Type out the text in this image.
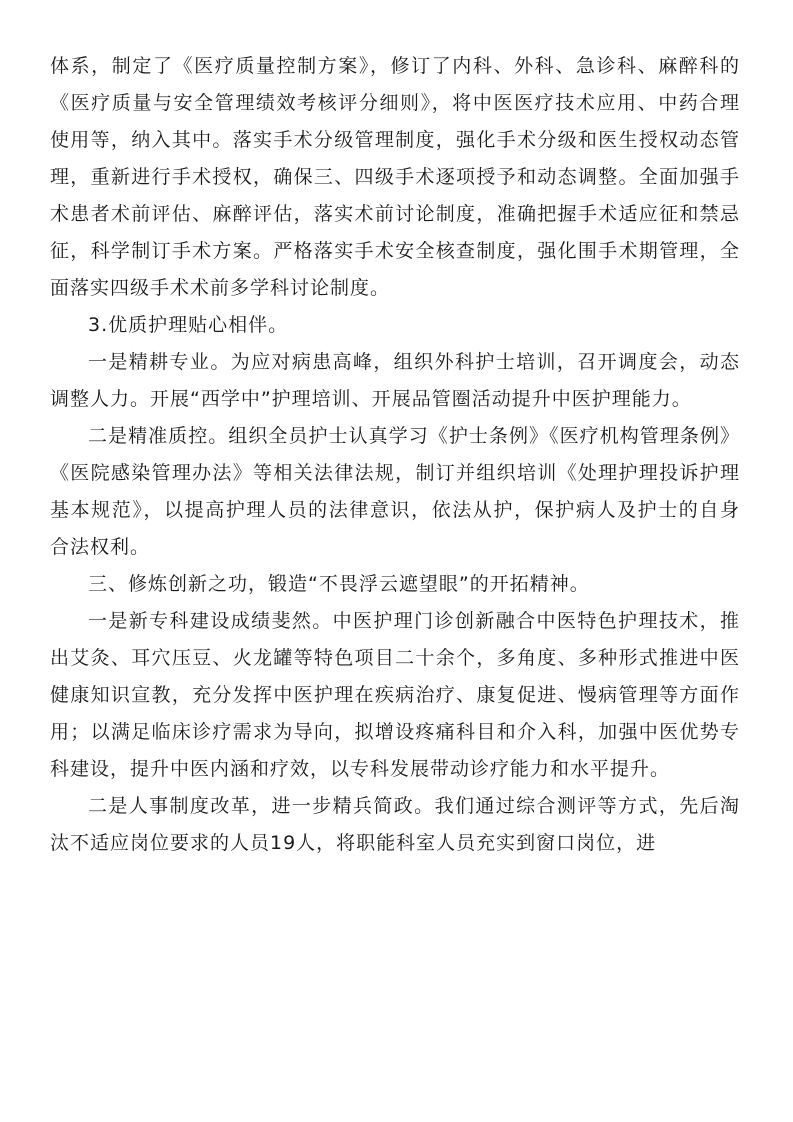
体系，制定了《医疗质量控制方案》，修订了内科、外科、急诊科、麻醉科的《医疗质量与安全管理绩效考核评分细则》，将中医医疗技术应用、中药合理使用等，纳入其中。落实手术分级管理制度，强化手术分级和医生授权动态管理，重新进行手术授权，确保三、四级手术逐项授予和动态调整。全面加强手术患者术前评估、麻醉评估，落实术前讨论制度，准确把握手术适应征和禁忌征，科学制订手术方案。严格落实手术安全核查制度，强化围手术期管理，全面落实四级手术术前多学科讨论制度。

3.优质护理贴心相伴。

一是精耕专业。为应对病患高峰，组织外科护士培训，召开调度会，动态调整人力。开展“西学中”护理培训、开展品管圈活动提升中医护理能力。

二是精准质控。组织全员护士认真学习《护士条例》《医疗机构管理条例》《医院感染管理办法》等相关法律法规，制订并组织培训《处理护理投诉护理基本规范》，以提高护理人员的法律意识，依法从护，保护病人及护士的自身合法权利。

三、修炼创新之功，锻造“不畏浮云遮望眼”的开拓精神。

一是新专科建设成绩斐然。中医护理门诊创新融合中医特色护理技术，推出艾灸、耳穴压豆、火龙罐等特色项目二十余个，多角度、多种形式推进中医健康知识宣教，充分发挥中医护理在疾病治疗、康复促进、慢病管理等方面作用；以满足临床诊疗需求为导向，拟增设疼痛科目和介入科，加强中医优势专科建设，提升中医内涵和疗效，以专科发展带动诊疗能力和水平提升。

二是人事制度改革，进一步精兵简政。我们通过综合测评等方式，先后淘汰不适应岗位要求的人员19人，将职能科室人员充实到窗口岗位，进
